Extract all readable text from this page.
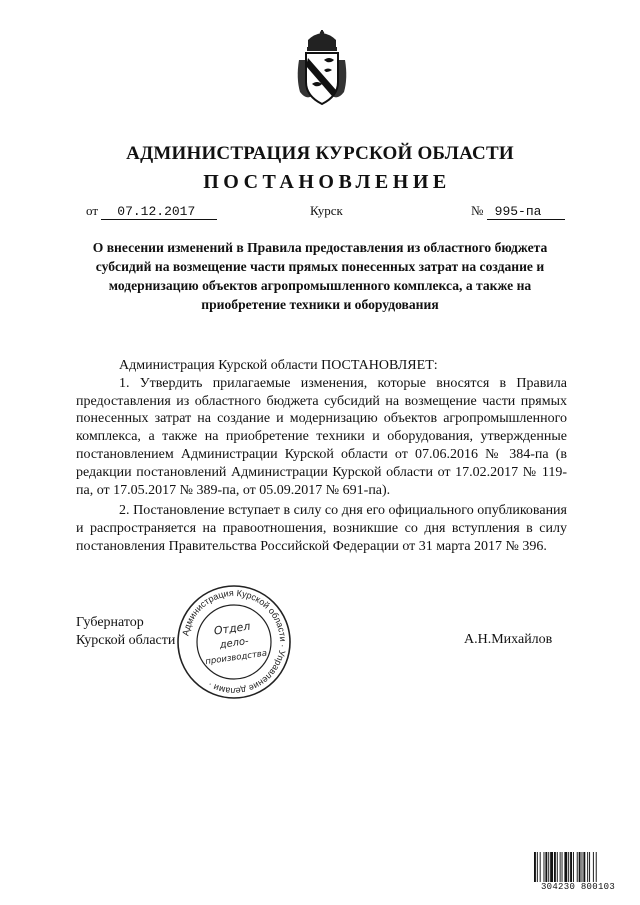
АДМИНИСТРАЦИЯ КУРСКОЙ ОБЛАСТИ
ПОСТАНОВЛЕНИЕ
от 07.12.2017	Курск	№ 995-па
О внесении изменений в Правила предоставления из областного бюджета субсидий на возмещение части прямых понесенных затрат на создание и модернизацию объектов агропромышленного комплекса, а также на приобретение техники и оборудования

Администрация Курской области ПОСТАНОВЛЯЕТ:

1. Утвердить прилагаемые изменения, которые вносятся в Правила предоставления из областного бюджета субсидий на возмещение части прямых понесенных затрат на создание и модернизацию объектов агропромышленного комплекса, а также на приобретение техники и оборудования, утвержденные постановлением Администрации Курской области от 07.06.2016 № 384-па (в редакции постановлений Администрации Курской области от 17.02.2017 № 119-па, от 17.05.2017 № 389-па, от 05.09.2017 № 691-па).

2. Постановление вступает в силу со дня его официального опубликования и распространяется на правоотношения, возникшие со дня вступления в силу постановления Правительства Российской Федерации от 31 марта 2017 № 396.

Администрация Курской области · Управление делами ·
Отдел
дело-
производства
Губернатор
Курской области	А.Н.Михайлов
304230 800103
